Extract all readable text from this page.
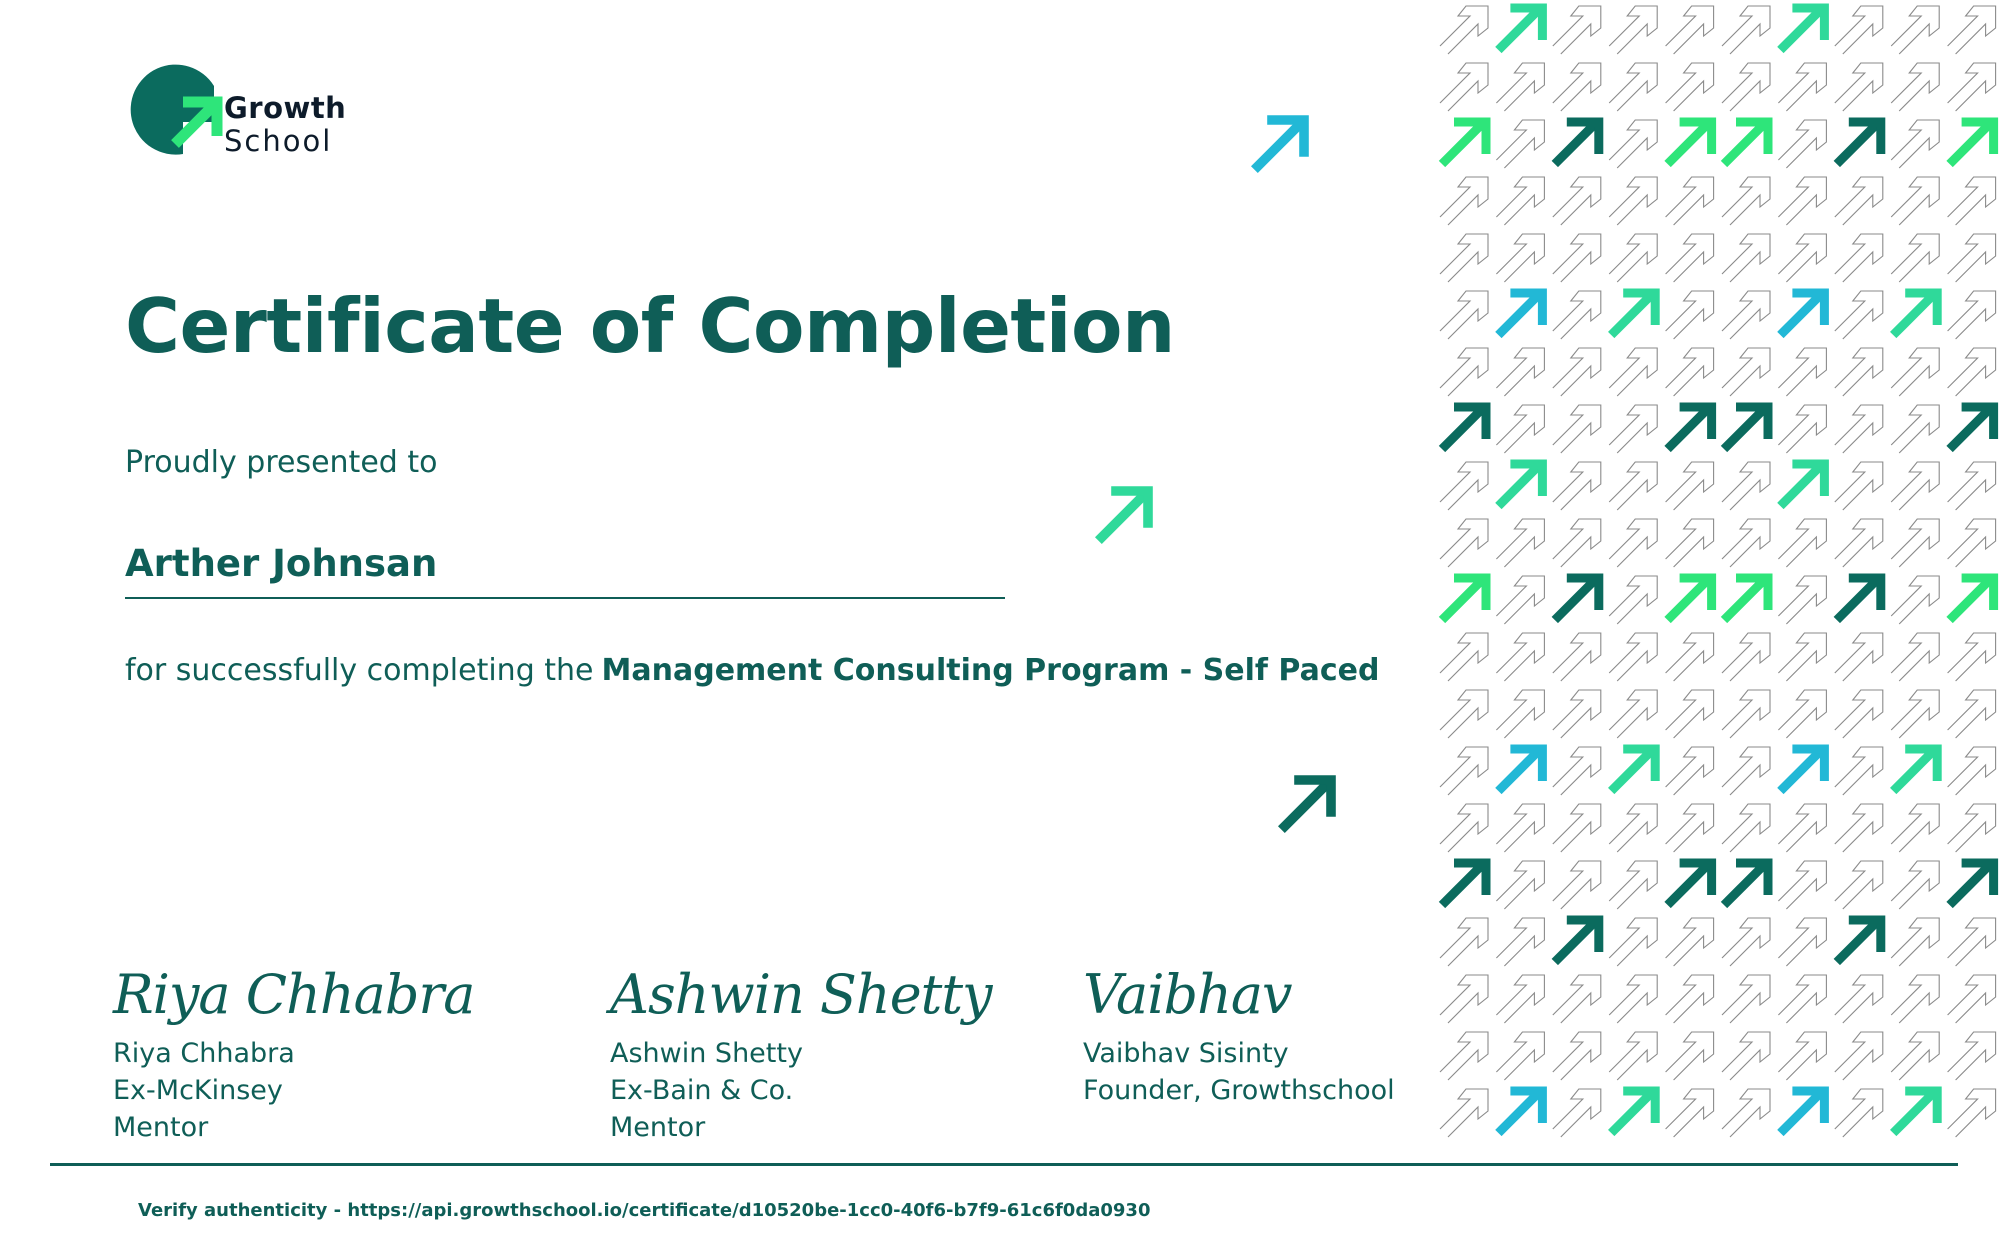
Growth
School
Certificate of Completion
Proudly presented to
Arther Johnsan
for successfully completing the Management Consulting Program - Self Paced
Riya Chhabra
Riya Chhabra
Ex-McKinsey
Mentor
Ashwin Shetty
Ashwin Shetty
Ex-Bain & Co.
Mentor
Vaibhav
Vaibhav Sisinty
Founder, Growthschool
Verify authenticity - https://api.growthschool.io/certificate/d10520be-1cc0-40f6-b7f9-61c6f0da0930
